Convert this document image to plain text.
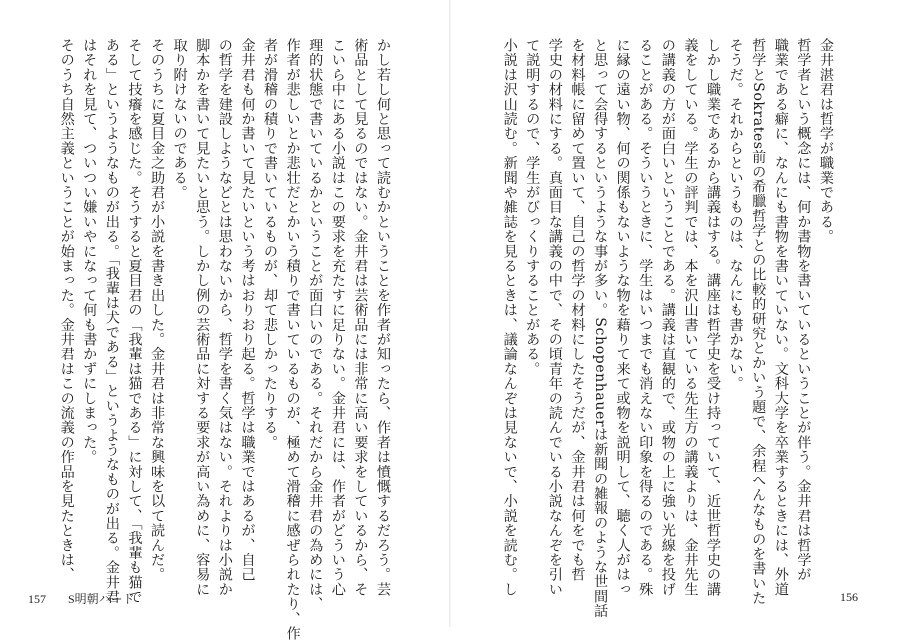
かし若し何と思って読むかということを作者が知ったら、作者は憤慨するだろう。芸

術品として見るのではない。金井君は芸術品には非常に高い要求をしているから、そ

こいら中にある小説はこの要求を充たすに足りない。金井君には、作者がどういう心

理的状態で書いているかということが面白いのである。それだから金井君の為めには、

作者が悲しいとか悲壮だとかいう積りで書いているものが、極めて滑稽に感ぜられたり、作

者が滑稽の積りで書いているものが、却て悲しかったりする。

金井君も何か書いて見たいという考はおりおり起る。哲学は職業ではあるが、自己

の哲学を建設しようなどとは思わないから、哲学を書く気はない。それよりは小説か

脚本かを書いて見たいと思う。しかし例の芸術品に対する要求が高い為めに、容易に

取り附けないのである。

そのうちに夏目金之助君が小説を書き出した。金井君は非常な興味を以て読んだ。

そして技癢を感じた。そうすると夏目君の「我輩は猫である」に対して、「我輩も猫で

ある」というようなものが出る。「我輩は犬である」というようなものが出る。金井君

はそれを見て、ついつい嫌いやになって何も書かずにしまった。

そのうち自然主義ということが始まった。金井君はこの流義の作品を見たときは、

157 S明朝ハード

金井湛君は哲学が職業である。

哲学者という概念には、何か書物を書いているということが伴う。金井君は哲学が

職業である癖に、なんにも書物を書いていない。文科大学を卒業するときには、外道

哲学とSokrates前の希臘哲学との比較的研究とかいう題で、余程へんなものを書いた

そうだ。それからというものは、なんにも書かない。

しかし職業であるから講義はする。講座は哲学史を受け持っていて、近世哲学史の講

義をしている。学生の評判では、本を沢山書いている先生方の講義よりは、金井先生

の講義の方が面白いということである。講義は直観的で、或物の上に強い光線を投げ

ることがある。そういうときに、学生はいつまでも消えない印象を得るのである。殊

に縁の遠い物、何の関係もないような物を藉りて来て或物を説明して、聴く人がはっ

と思って会得するというような事が多い。Schopenhauerは新聞の雑報のような世間話

を材料帳に留めて置いて、自己の哲学の材料にしたそうだが、金井君は何をでも哲

学史の材料にする。真面目な講義の中で、その頃青年の読んでいる小説なんぞを引い

て説明するので、学生がびっくりすることがある。

小説は沢山読む。新聞や雑誌を見るときは、議論なんぞは見ないで、小説を読む。し

156
